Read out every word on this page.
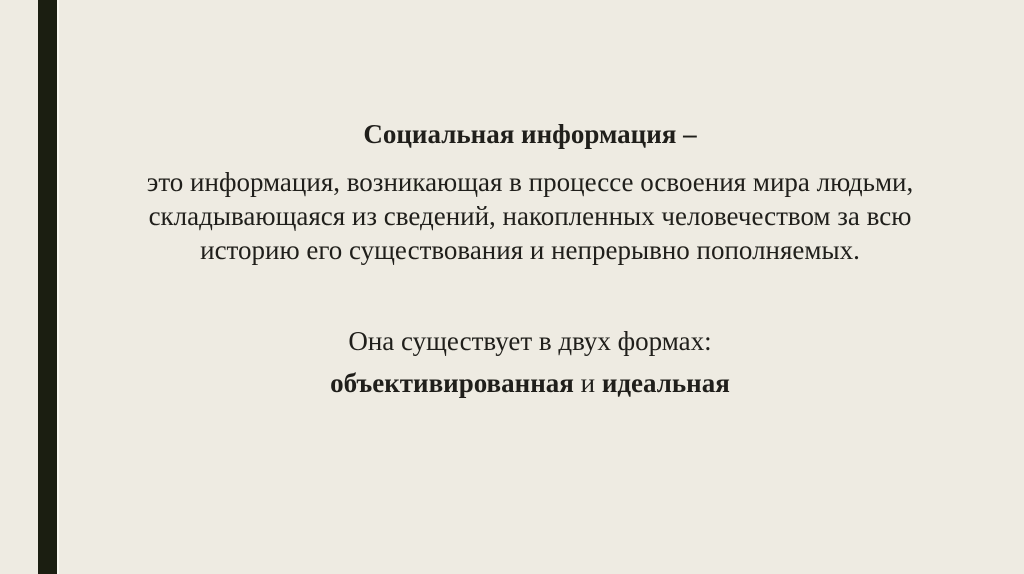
Социальная информация –

это информация, возникающая в процессе освоения мира людьми,
складывающаяся из сведений, накопленных человечеством за всю
историю его существования и непрерывно пополняемых.

Она существует в двух формах:

объективированная и идеальная
